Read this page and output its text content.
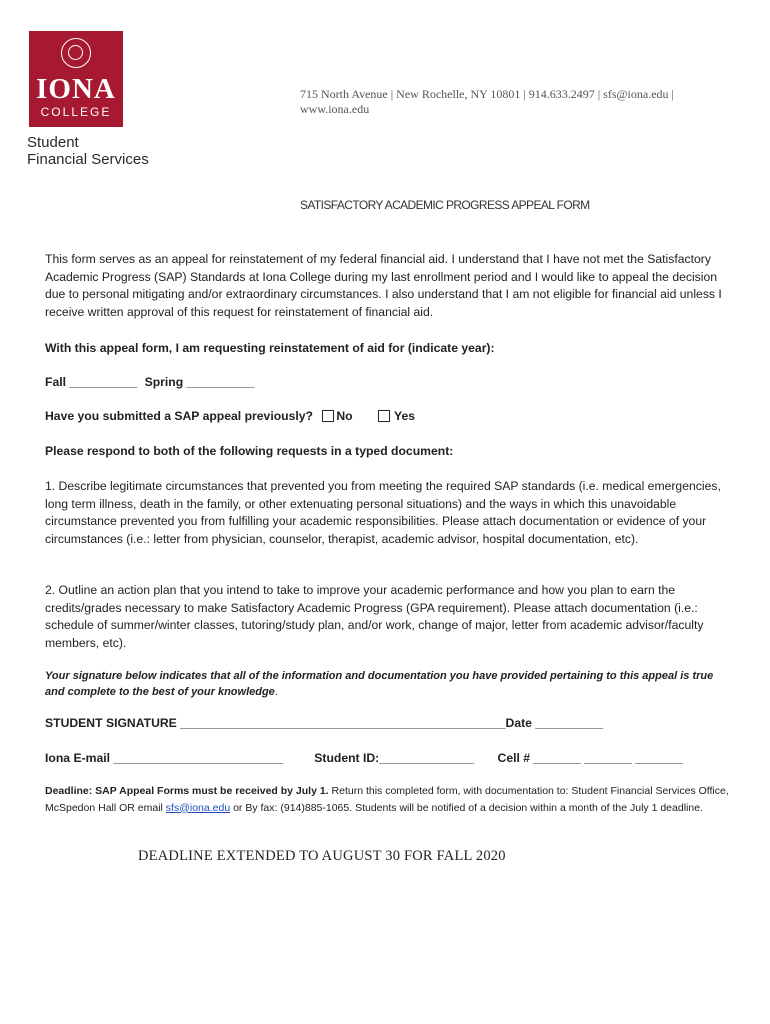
IONA
COLLEGE
Student
Financial Services
715 North Avenue | New Rochelle, NY 10801 | 914.633.2497 | sfs@iona.edu |
www.iona.edu
SATISFACTORY ACADEMIC PROGRESS APPEAL FORM
This form serves as an appeal for reinstatement of my federal financial aid. I understand that I have not met the Satisfactory Academic Progress (SAP) Standards at Iona College during my last enrollment period and I would like to appeal the decision due to personal mitigating and/or extraordinary circumstances. I also understand that I am not eligible for financial aid unless I receive written approval of this request for reinstatement of financial aid.
With this appeal form, I am requesting reinstatement of aid for (indicate year):
Fall __________ Spring __________
Have you submitted a SAP appeal previously? No	Yes
Please respond to both of the following requests in a typed document:
1. Describe legitimate circumstances that prevented you from meeting the required SAP standards (i.e. medical emergencies, long term illness, death in the family, or other extenuating personal situations) and the ways in which this unavoidable circumstance prevented you from fulfilling your academic responsibilities. Please attach documentation or evidence of your circumstances (i.e.: letter from physician, counselor, therapist, academic advisor, hospital documentation, etc).
2. Outline an action plan that you intend to take to improve your academic performance and how you plan to earn the credits/grades necessary to make Satisfactory Academic Progress (GPA requirement). Please attach documentation (i.e.: schedule of summer/winter classes, tutoring/study plan, and/or work, change of major, letter from academic advisor/faculty members, etc).
Your signature below indicates that all of the information and documentation you have provided pertaining to this appeal is true and complete to the best of your knowledge.
STUDENT SIGNATURE ________________________________________________Date __________
Iona E-mail _________________________	Student ID:______________ Cell # _______ _______ _______
Deadline: SAP Appeal Forms must be received by July 1. Return this completed form, with documentation to: Student Financial Services Office, McSpedon Hall OR email sfs@iona.edu or By fax: (914)885-1065. Students will be notified of a decision within a month of the July 1 deadline.
DEADLINE EXTENDED TO AUGUST 30 FOR FALL 2020
